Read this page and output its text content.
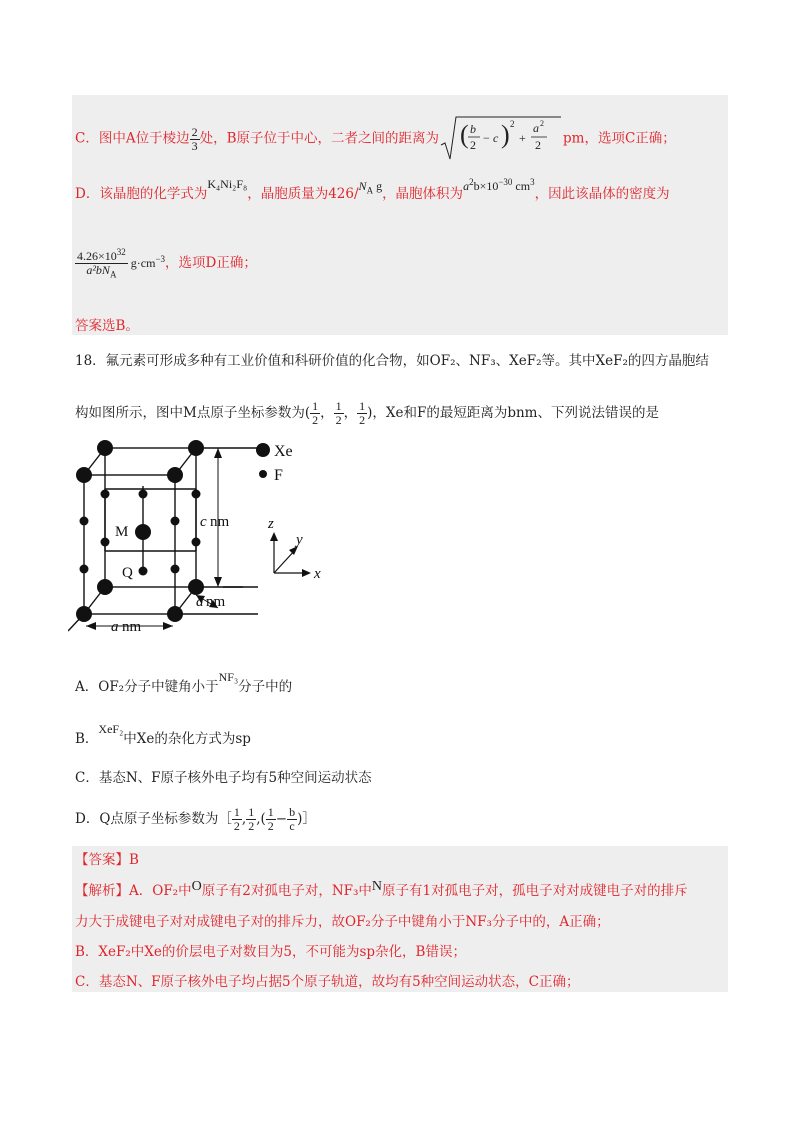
C．图中A位于棱边 $\frac{2}{3}$ 处，B原子位于中心，二者之间的距离为 ( b
2 − c ) 2
+
a 2
2 pm，选项C正确；
D．该晶胞的化学式为K₄Ni₂F₈，晶胞质量为$426/N_A$ g，晶胞体积为$a^2b\times 10^{-30}$ $cm^3$，因此该晶体的密度为
$\frac{4.26\times 10^{32}}{a^2bN_A} g\cdot cm^{-3}$，选项D正确；
答案选B。
18．氟元素可形成多种有工业价值和科研价值的化合物，如OF₂、NF₃、XeF₂等。其中XeF₂的四方晶胞结
构如图所示，图中M点原子坐标参数为( $\frac{1}{2}$ ， $\frac{1}{2}$ ， $\frac{1}{2}$ )，Xe和F的最短距离为bnm、下列说法错误的是
M
Q
c nm
a nm
a nm
Xe
F
z
y
x
A．OF₂分子中键角小于NF₃分子中的
B．XeF₂中Xe的杂化方式为sp
C．基态N、F原子核外电子均有5种空间运动状态
D．Q点原子坐标参数为［ $\frac{1}{2}$ , $\frac{1}{2}$ ,( $\frac{1}{2} - \frac{b}{c}$ )］
【答案】B
【解析】A．OF₂中O原子有2对孤电子对，NF₃中N原子有1对孤电子对，孤电子对对成键电子对的排斥
力大于成键电子对对成键电子对的排斥力，故OF₂分子中键角小于NF₃分子中的，A正确；
B．XeF₂中Xe的价层电子对数目为5，不可能为sp杂化，B错误；
C．基态N、F原子核外电子均占据5个原子轨道，故均有5种空间运动状态，C正确；
